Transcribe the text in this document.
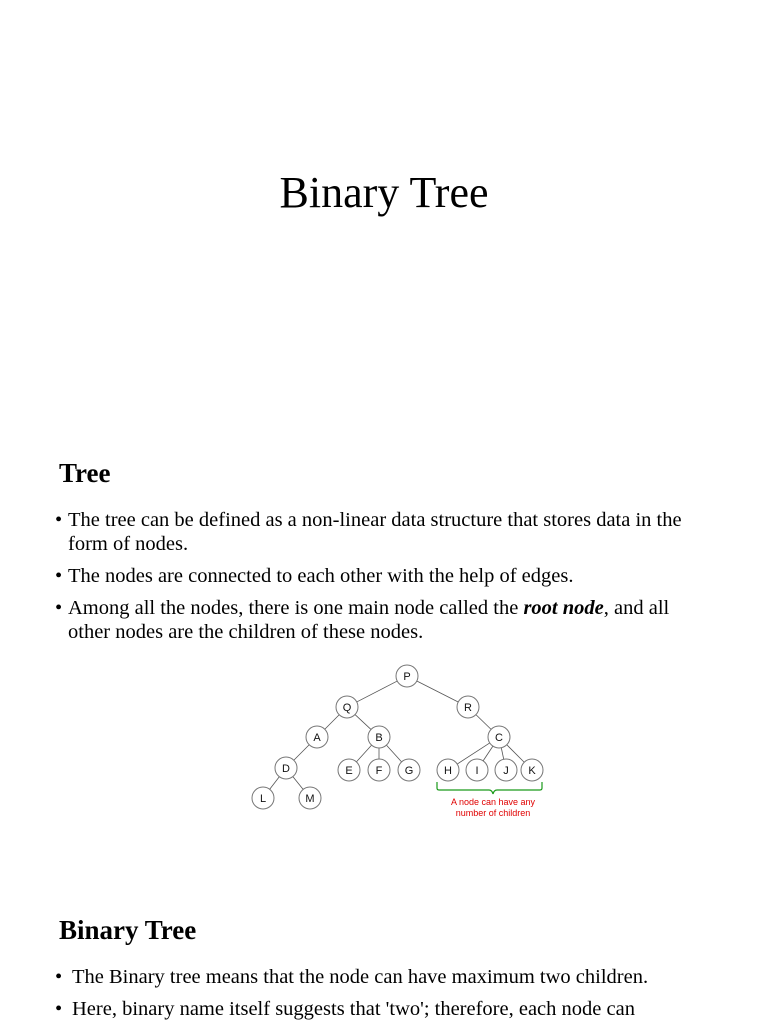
Binary Tree
Tree
• The tree can be defined as a non-linear data structure that stores data in the form of nodes.
• The nodes are connected to each other with the help of edges.
• Among all the nodes, there is one main node called the root node, and all other nodes are the children of these nodes.
P
Q	R
A	B	C
D	E F G	H I J K
L	M	A node can have any
number of children
Binary Tree
• The Binary tree means that the node can have maximum two children.
• Here, binary name itself suggests that 'two'; therefore, each node can
